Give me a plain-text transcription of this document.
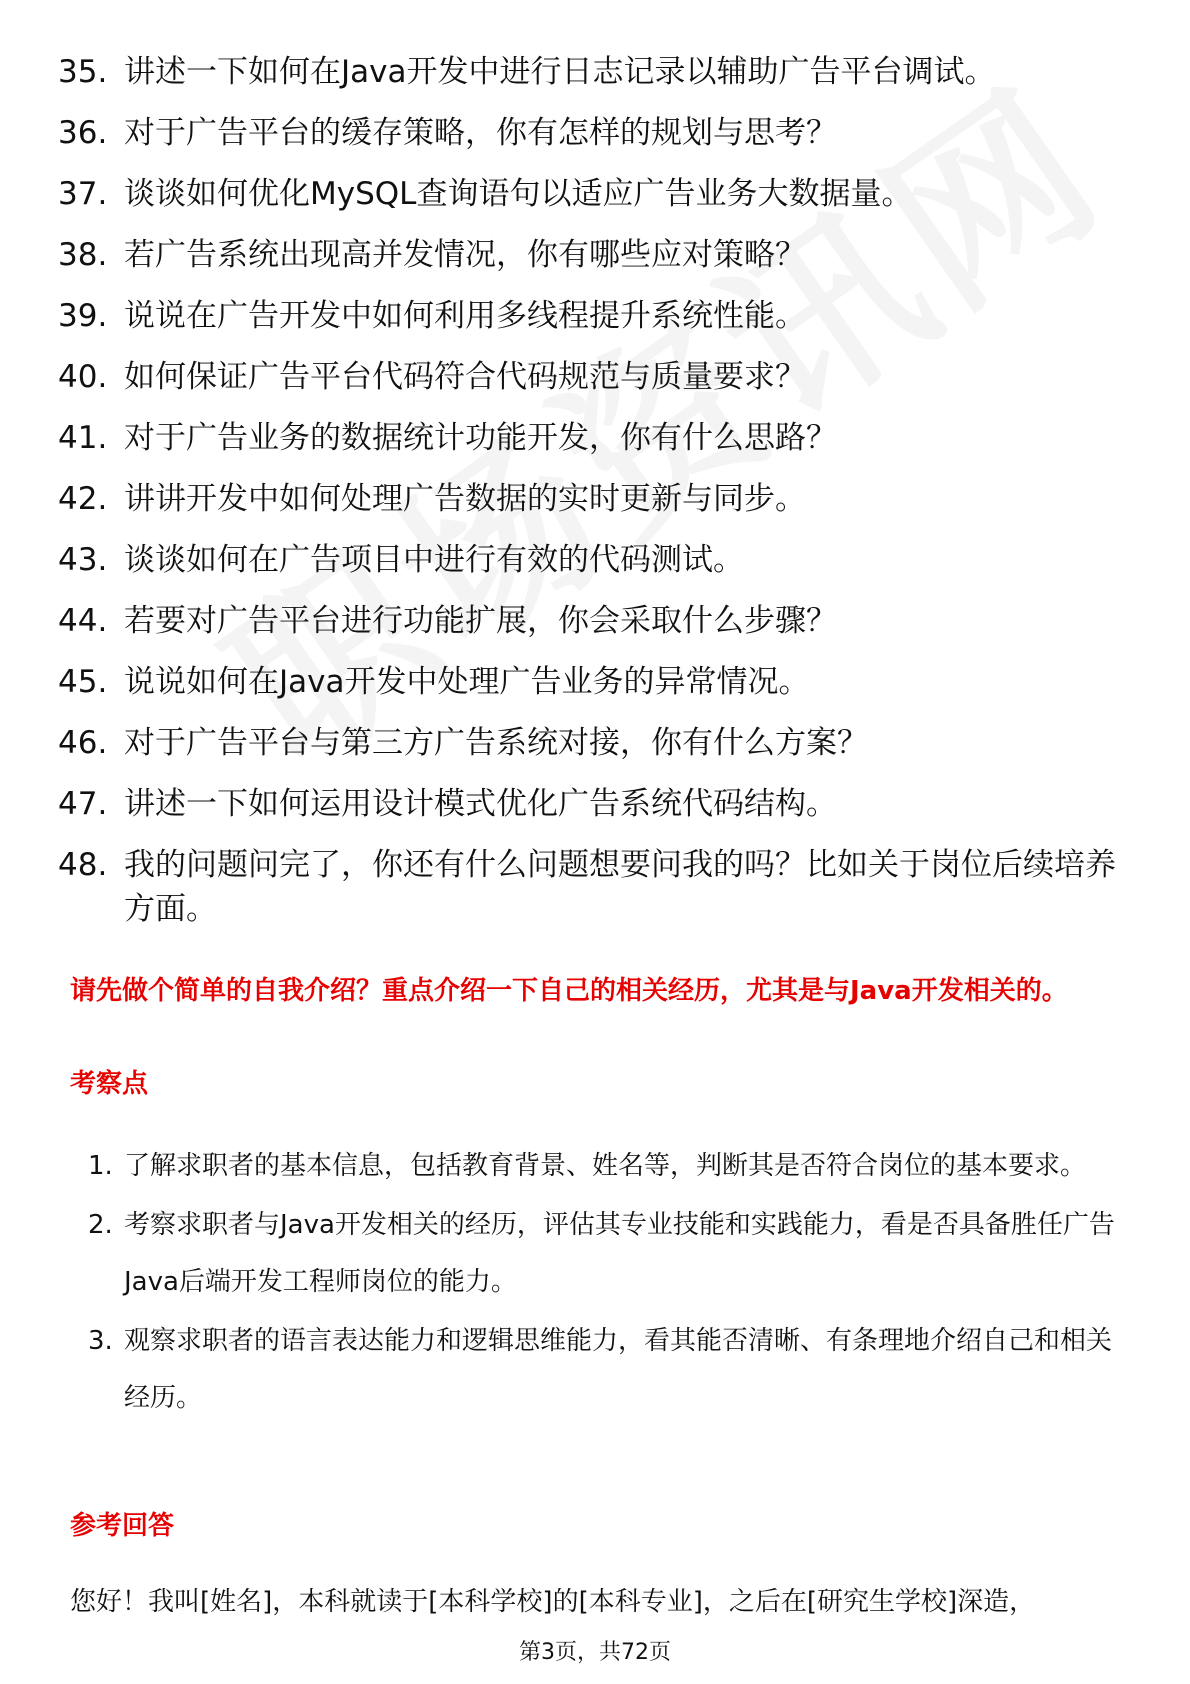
35. 讲述一下如何在Java开发中进行日志记录以辅助广告平台调试。
36. 对于广告平台的缓存策略，你有怎样的规划与思考？
37. 谈谈如何优化MySQL查询语句以适应广告业务大数据量。
38. 若广告系统出现高并发情况，你有哪些应对策略？
39. 说说在广告开发中如何利用多线程提升系统性能。
40. 如何保证广告平台代码符合代码规范与质量要求？
41. 对于广告业务的数据统计功能开发，你有什么思路？
42. 讲讲开发中如何处理广告数据的实时更新与同步。
43. 谈谈如何在广告项目中进行有效的代码测试。
44. 若要对广告平台进行功能扩展，你会采取什么步骤？
45. 说说如何在Java开发中处理广告业务的异常情况。
46. 对于广告平台与第三方广告系统对接，你有什么方案？
47. 讲述一下如何运用设计模式优化广告系统代码结构。
48. 我的问题问完了，你还有什么问题想要问我的吗？比如关于岗位后续培养方面。
请先做个简单的自我介绍？重点介绍一下自己的相关经历，尤其是与Java开发相关的。
考察点
1. 了解求职者的基本信息，包括教育背景、姓名等，判断其是否符合岗位的基本要求。
2. 考察求职者与Java开发相关的经历，评估其专业技能和实践能力，看是否具备胜任广告Java后端开发工程师岗位的能力。
3. 观察求职者的语言表达能力和逻辑思维能力，看其能否清晰、有条理地介绍自己和相关经历。
参考回答
您好！我叫[姓名]，本科就读于[本科学校]的[本科专业]，之后在[研究生学校]深造，
第3页，共72页
